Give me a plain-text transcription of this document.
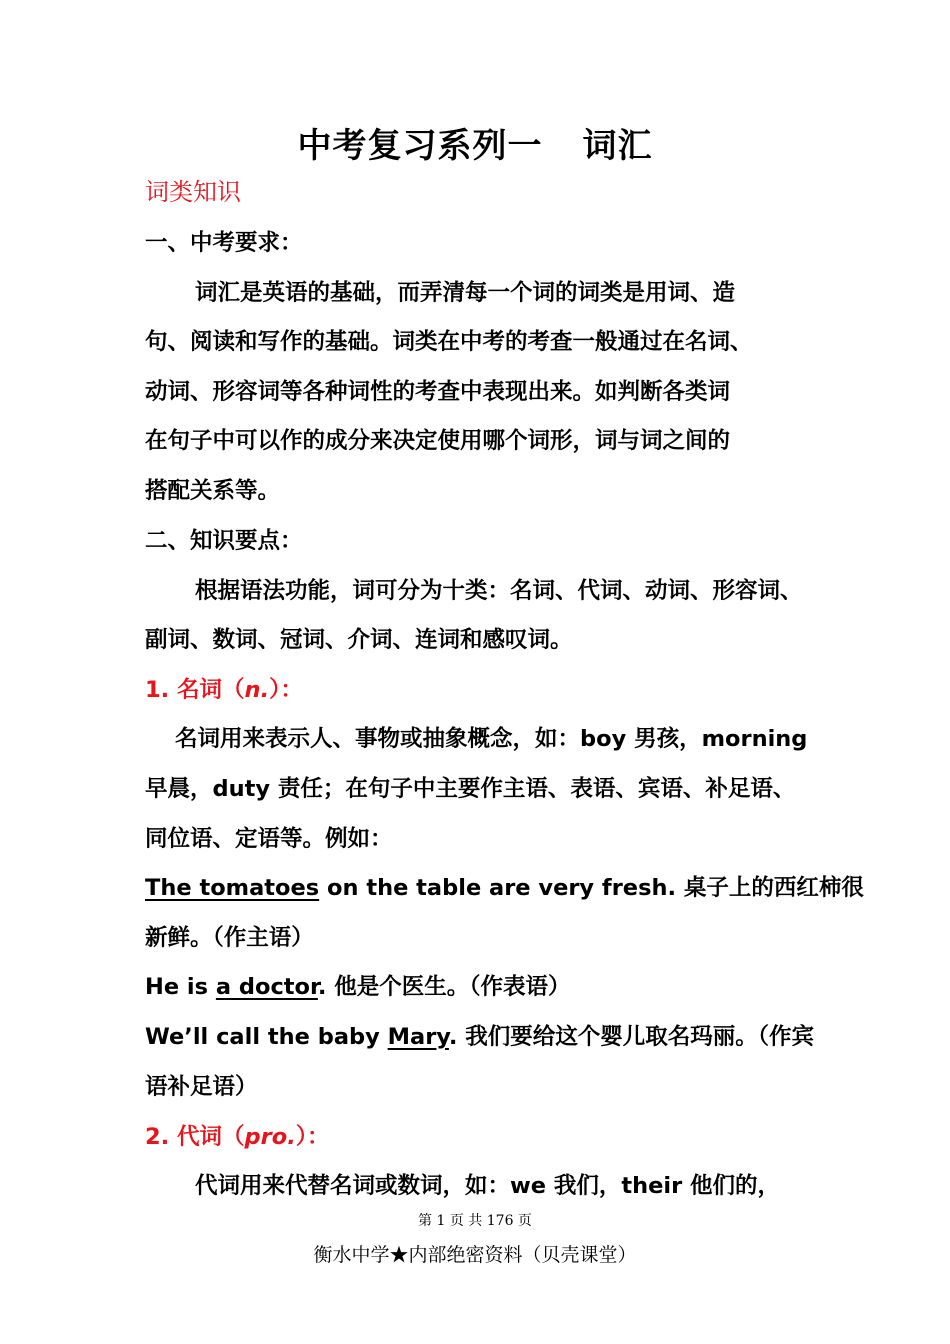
中考复习系列一 词汇
词类知识
一、中考要求：
词汇是英语的基础，而弄清每一个词的词类是用词、造
句、阅读和写作的基础。词类在中考的考查一般通过在名词、
动词、形容词等各种词性的考查中表现出来。如判断各类词
在句子中可以作的成分来决定使用哪个词形，词与词之间的
搭配关系等。
二、知识要点：
根据语法功能，词可分为十类：名词、代词、动词、形容词、
副词、数词、冠词、介词、连词和感叹词。
1. 名词（n.）：
名词用来表示人、事物或抽象概念，如：boy 男孩，morning
早晨，duty 责任；在句子中主要作主语、表语、宾语、补足语、
同位语、定语等。例如：
The tomatoes on the table are very fresh. 桌子上的西红柿很
新鲜。（作主语）
He is a doctor. 他是个医生。（作表语）
We’ll call the baby Mary. 我们要给这个婴儿取名玛丽。（作宾
语补足语）
2. 代词（pro.）：
代词用来代替名词或数词，如：we 我们，their 他们的，
第 1 页 共 176 页
衡水中学★内部绝密资料（贝壳课堂）
